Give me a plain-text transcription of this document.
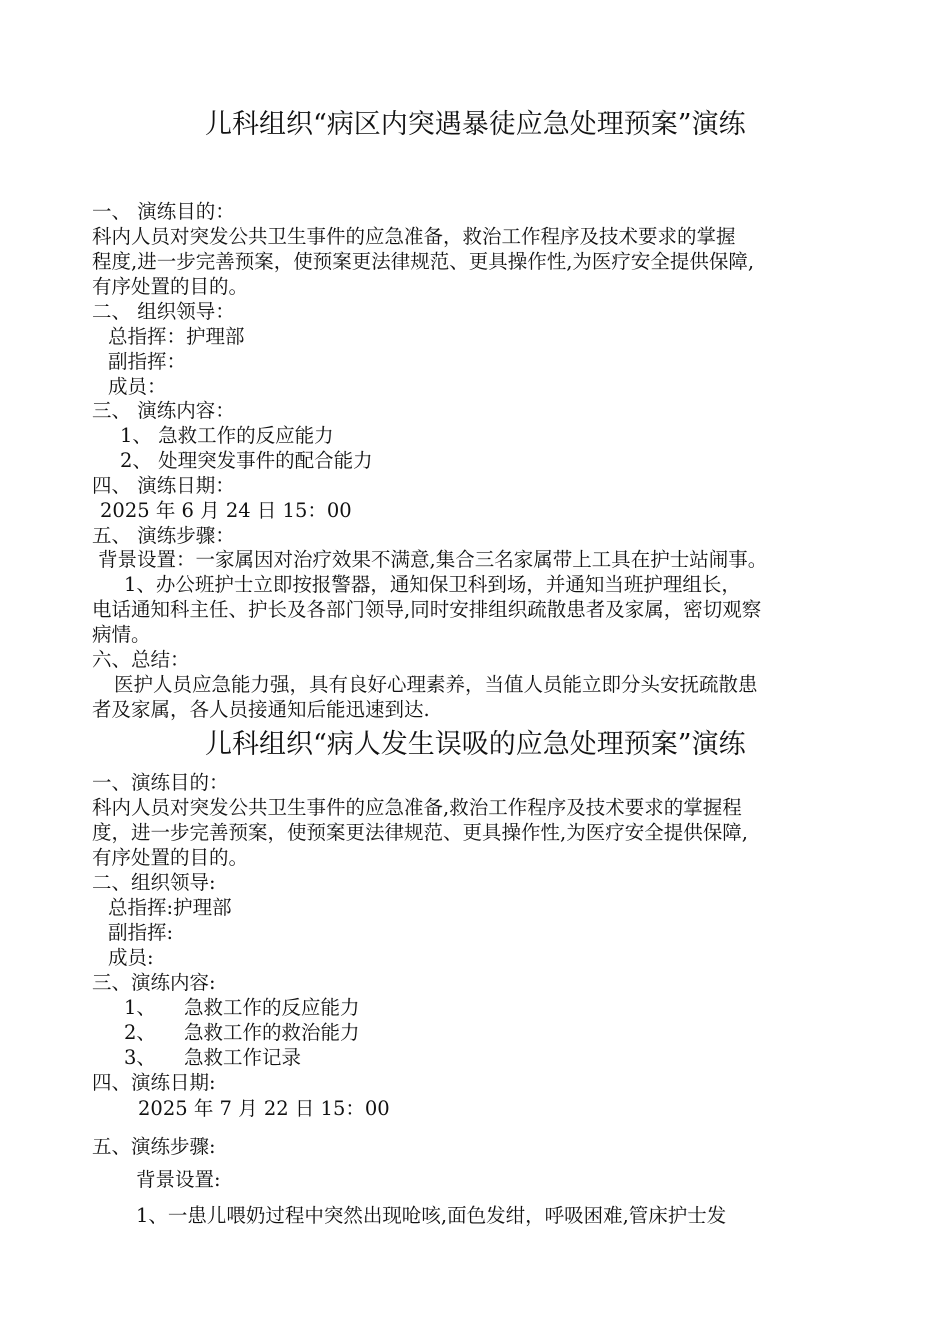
儿科组织“病区内突遇暴徒应急处理预案”演练
一、 演练目的：
科内人员对突发公共卫生事件的应急准备，救治工作程序及技术要求的掌握
程度,进一步完善预案，使预案更法律规范、更具操作性,为医疗安全提供保障,
有序处置的目的。
二、 组织领导：
总指挥：护理部
副指挥：
成员：
三、 演练内容：
1、 急救工作的反应能力
2、 处理突发事件的配合能力
四、 演练日期：
2025 年 6 月 24 日 15：00
五、 演练步骤：
背景设置：一家属因对治疗效果不满意,集合三名家属带上工具在护士站闹事。
1、办公班护士立即按报警器，通知保卫科到场，并通知当班护理组长，
电话通知科主任、护长及各部门领导,同时安排组织疏散患者及家属，密切观察
病情。
六、总结：
医护人员应急能力强，具有良好心理素养，当值人员能立即分头安抚疏散患
者及家属，各人员接通知后能迅速到达.
儿科组织“病人发生误吸的应急处理预案”演练
一、演练目的：
科内人员对突发公共卫生事件的应急准备,救治工作程序及技术要求的掌握程
度，进一步完善预案，使预案更法律规范、更具操作性,为医疗安全提供保障,
有序处置的目的。
二、组织领导:
总指挥:护理部
副指挥:
成员:
三、演练内容:
1、 急救工作的反应能力
2、 急救工作的救治能力
3、 急救工作记录
四、演练日期:
2025 年 7 月 22 日 15：00
五、演练步骤:
背景设置:
1、一患儿喂奶过程中突然出现呛咳,面色发绀，呼吸困难,管床护士发
